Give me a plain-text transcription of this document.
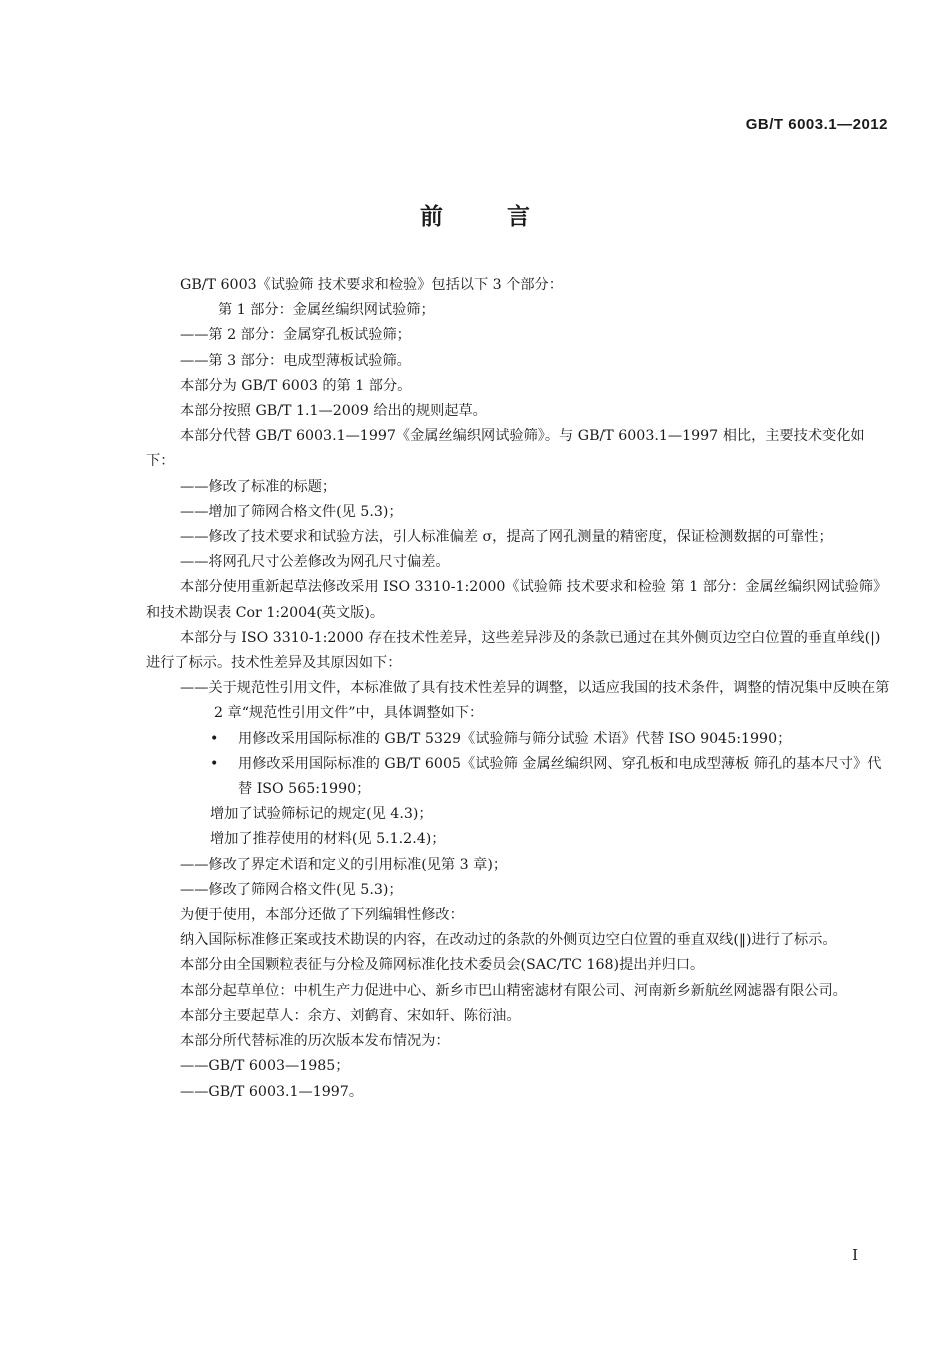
GB/T 6003.1—2012
前言

GB/T 6003《试验筛 技术要求和检验》包括以下 3 个部分：

第 1 部分：金属丝编织网试验筛；

——第 2 部分：金属穿孔板试验筛；

——第 3 部分：电成型薄板试验筛。

本部分为 GB/T 6003 的第 1 部分。

本部分按照 GB/T 1.1—2009 给出的规则起草。

本部分代替 GB/T 6003.1—1997《金属丝编织网试验筛》。与 GB/T 6003.1—1997 相比，主要技术变化如下：

——修改了标准的标题；

——增加了筛网合格文件(见 5.3)；

——修改了技术要求和试验方法，引人标准偏差 σ，提高了网孔测量的精密度，保证检测数据的可靠性；

——将网孔尺寸公差修改为网孔尺寸偏差。

本部分使用重新起草法修改采用 ISO 3310-1:2000《试验筛 技术要求和检验 第 1 部分：金属丝编织网试验筛》和技术勘误表 Cor 1:2004(英文版)。

本部分与 ISO 3310-1:2000 存在技术性差异，这些差异涉及的条款已通过在其外侧页边空白位置的垂直单线(|)进行了标示。技术性差异及其原因如下：

——关于规范性引用文件，本标准做了具有技术性差异的调整，以适应我国的技术条件，调整的情况集中反映在第 2 章“规范性引用文件”中，具体调整如下：

• 用修改采用国际标准的 GB/T 5329《试验筛与筛分试验 术语》代替 ISO 9045:1990；

• 用修改采用国际标准的 GB/T 6005《试验筛 金属丝编织网、穿孔板和电成型薄板 筛孔的基本尺寸》代替 ISO 565:1990；

增加了试验筛标记的规定(见 4.3)；

增加了推荐使用的材料(见 5.1.2.4)；

——修改了界定术语和定义的引用标准(见第 3 章)；

——修改了筛网合格文件(见 5.3)；

为便于使用，本部分还做了下列编辑性修改：

纳入国际标准修正案或技术勘误的内容，在改动过的条款的外侧页边空白位置的垂直双线(‖)进行了标示。

本部分由全国颗粒表征与分检及筛网标准化技术委员会(SAC/TC 168)提出并归口。

本部分起草单位：中机生产力促进中心、新乡市巴山精密滤材有限公司、河南新乡新航丝网滤器有限公司。

本部分主要起草人：余方、刘鹤育、宋如轩、陈衍油。

本部分所代替标准的历次版本发布情况为：

——GB/T 6003—1985；

——GB/T 6003.1—1997。

I
